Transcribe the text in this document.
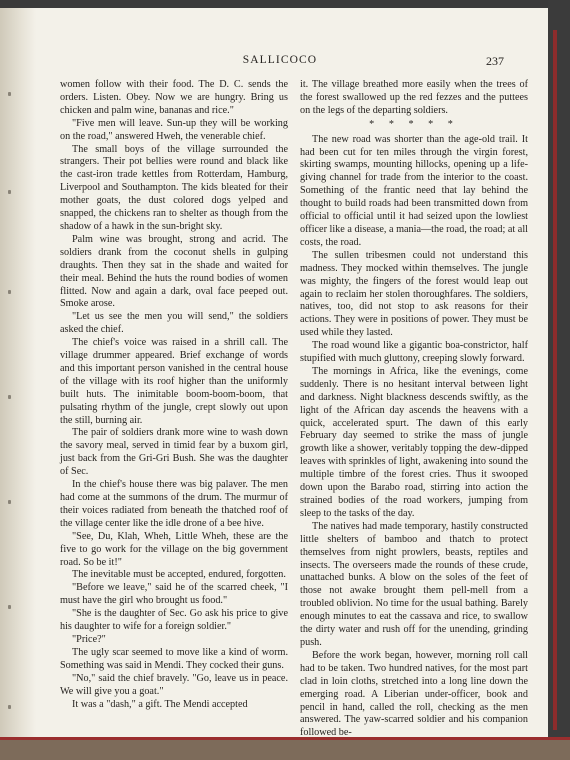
SALLICOCO	237

women follow with their food. The D. C. sends the orders. Listen. Obey. Now we are hungry. Bring us chicken and palm wine, bananas and rice."

"Five men will leave. Sun-up they will be working on the road," answered Hweh, the venerable chief.

The small boys of the village surrounded the strangers. Their pot bellies were round and black like the cast-iron trade kettles from Rotterdam, Hamburg, Liverpool and Southampton. The kids bleated for their mother goats, the dust colored dogs yelped and snapped, the chickens ran to shelter as though from the shadow of a hawk in the sun-bright sky.

Palm wine was brought, strong and acrid. The soldiers drank from the coconut shells in gulping draughts. Then they sat in the shade and waited for their meal. Behind the huts the round bodies of women flitted. Now and again a dark, oval face peeped out. Smoke arose.

"Let us see the men you will send," the soldiers asked the chief.

The chief's voice was raised in a shrill call. The village drummer appeared. Brief exchange of words and this important person vanished in the central house of the village with its roof higher than the uniformly built huts. The inimitable boom-boom-boom, that pulsating rhythm of the jungle, crept slowly out upon the still, burning air.

The pair of soldiers drank more wine to wash down the savory meal, served in timid fear by a buxom girl, just back from the Gri-Gri Bush. She was the daughter of Sec.

In the chief's house there was big palaver. The men had come at the summons of the drum. The murmur of their voices radiated from beneath the thatched roof of the village center like the idle drone of a bee hive.

"See, Du, Klah, Wheh, Little Wheh, these are the five to go work for the village on the big government road. So be it!"

The inevitable must be accepted, endured, forgotten.

"Before we leave," said he of the scarred cheek, "I must have the girl who brought us food."

"She is the daughter of Sec. Go ask his price to give his daughter to wife for a foreign soldier."

"Price?"

The ugly scar seemed to move like a kind of worm. Something was said in Mendi. They cocked their guns.

"No," said the chief bravely. "Go, leave us in peace. We will give you a goat."

It was a "dash," a gift. The Mendi accepted

it. The village breathed more easily when the trees of the forest swallowed up the red fezzes and the puttees on the legs of the departing soldiers.

* * * * *

The new road was shorter than the age-old trail. It had been cut for ten miles through the virgin forest, skirting swamps, mounting hillocks, opening up a life-giving channel for trade from the interior to the coast. Something of the frantic need that lay behind the thought to build roads had been transmitted down from official to official until it had seized upon the lowliest officer like a disease, a mania—the road, the road; at all costs, the road.

The sullen tribesmen could not understand this madness. They mocked within themselves. The jungle was mighty, the fingers of the forest would leap out again to reclaim her stolen thoroughfares. The soldiers, natives, too, did not stop to ask reasons for their actions. They were in positions of power. They must be used while they lasted.

The road wound like a gigantic boa-constrictor, half stupified with much gluttony, creeping slowly forward.

The mornings in Africa, like the evenings, come suddenly. There is no hesitant interval between light and darkness. Night blackness descends swiftly, as the light of the African day ascends the heavens with a quick, accelerated spurt. The dawn of this early February day seemed to strike the mass of jungle growth like a shower, veritably topping the dew-dipped leaves with sprinkles of light, awakening into sound the multiple timbre of the forest cries. Thus it swooped down upon the Barabo road, stirring into action the strained bodies of the road workers, jumping from sleep to the tasks of the day.

The natives had made temporary, hastily constructed little shelters of bamboo and thatch to protect themselves from night prowlers, beasts, reptiles and insects. The overseers made the rounds of these crude, unattached bunks. A blow on the soles of the feet of those not awake brought them pell-mell from a troubled oblivion. No time for the usual bathing. Barely enough minutes to eat the cassava and rice, to swallow the dirty water and rush off for the unending, grinding push.

Before the work began, however, morning roll call had to be taken. Two hundred natives, for the most part clad in loin cloths, stretched into a long line down the emerging road. A Liberian under-officer, book and pencil in hand, called the roll, checking as the men answered. The yaw-scarred soldier and his companion followed be-
